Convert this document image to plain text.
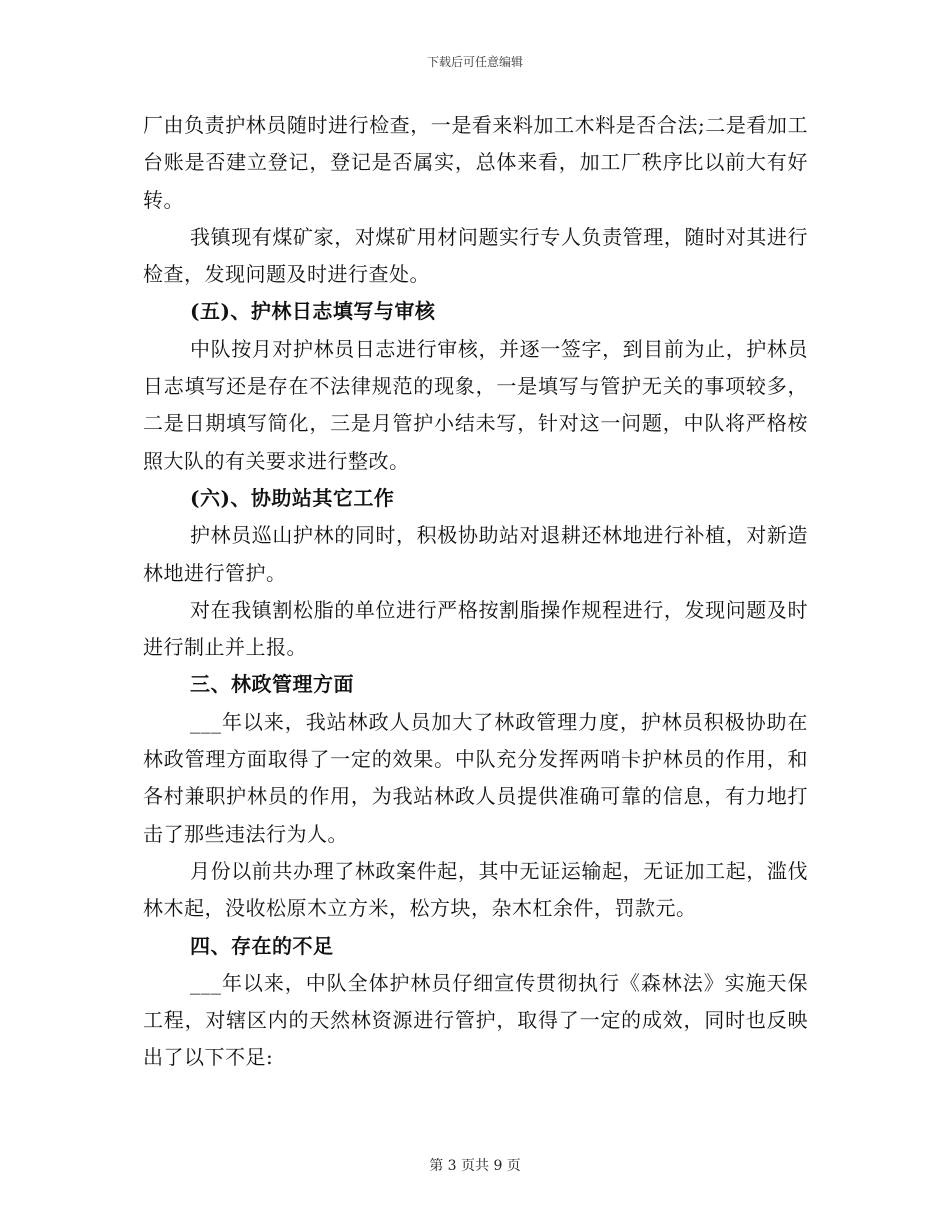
下载后可任意编辑

厂由负责护林员随时进行检查，一是看来料加工木料是否合法;二是看加工台账是否建立登记，登记是否属实，总体来看，加工厂秩序比以前大有好转。

我镇现有煤矿家，对煤矿用材问题实行专人负责管理，随时对其进行检查，发现问题及时进行查处。

(五)、护林日志填写与审核

中队按月对护林员日志进行审核，并逐一签字，到目前为止，护林员日志填写还是存在不法律规范的现象，一是填写与管护无关的事项较多，二是日期填写简化，三是月管护小结未写，针对这一问题，中队将严格桉照大队的有关要求进行整改。

(六)、协助站其它工作

护林员巡山护林的同时，积极协助站对退耕还林地进行补植，对新造林地进行管护。

对在我镇割松脂的单位进行严格按割脂操作规程进行，发现问题及时进行制止并上报。

三、林政管理方面

___年以来，我站林政人员加大了林政管理力度，护林员积极协助在林政管理方面取得了一定的效果。中队充分发挥两哨卡护林员的作用，和各村兼职护林员的作用，为我站林政人员提供准确可靠的信息，有力地打击了那些违法行为人。

月份以前共办理了林政案件起，其中无证运输起，无证加工起，滥伐林木起，没收松原木立方米，松方块，杂木杠余件，罚款元。

四、存在的不足

___年以来，中队全体护林员仔细宣传贯彻执行《森林法》实施天保工程，对辖区内的天然林资源进行管护，取得了一定的成效，同时也反映出了以下不足:

第 3 页共 9 页
